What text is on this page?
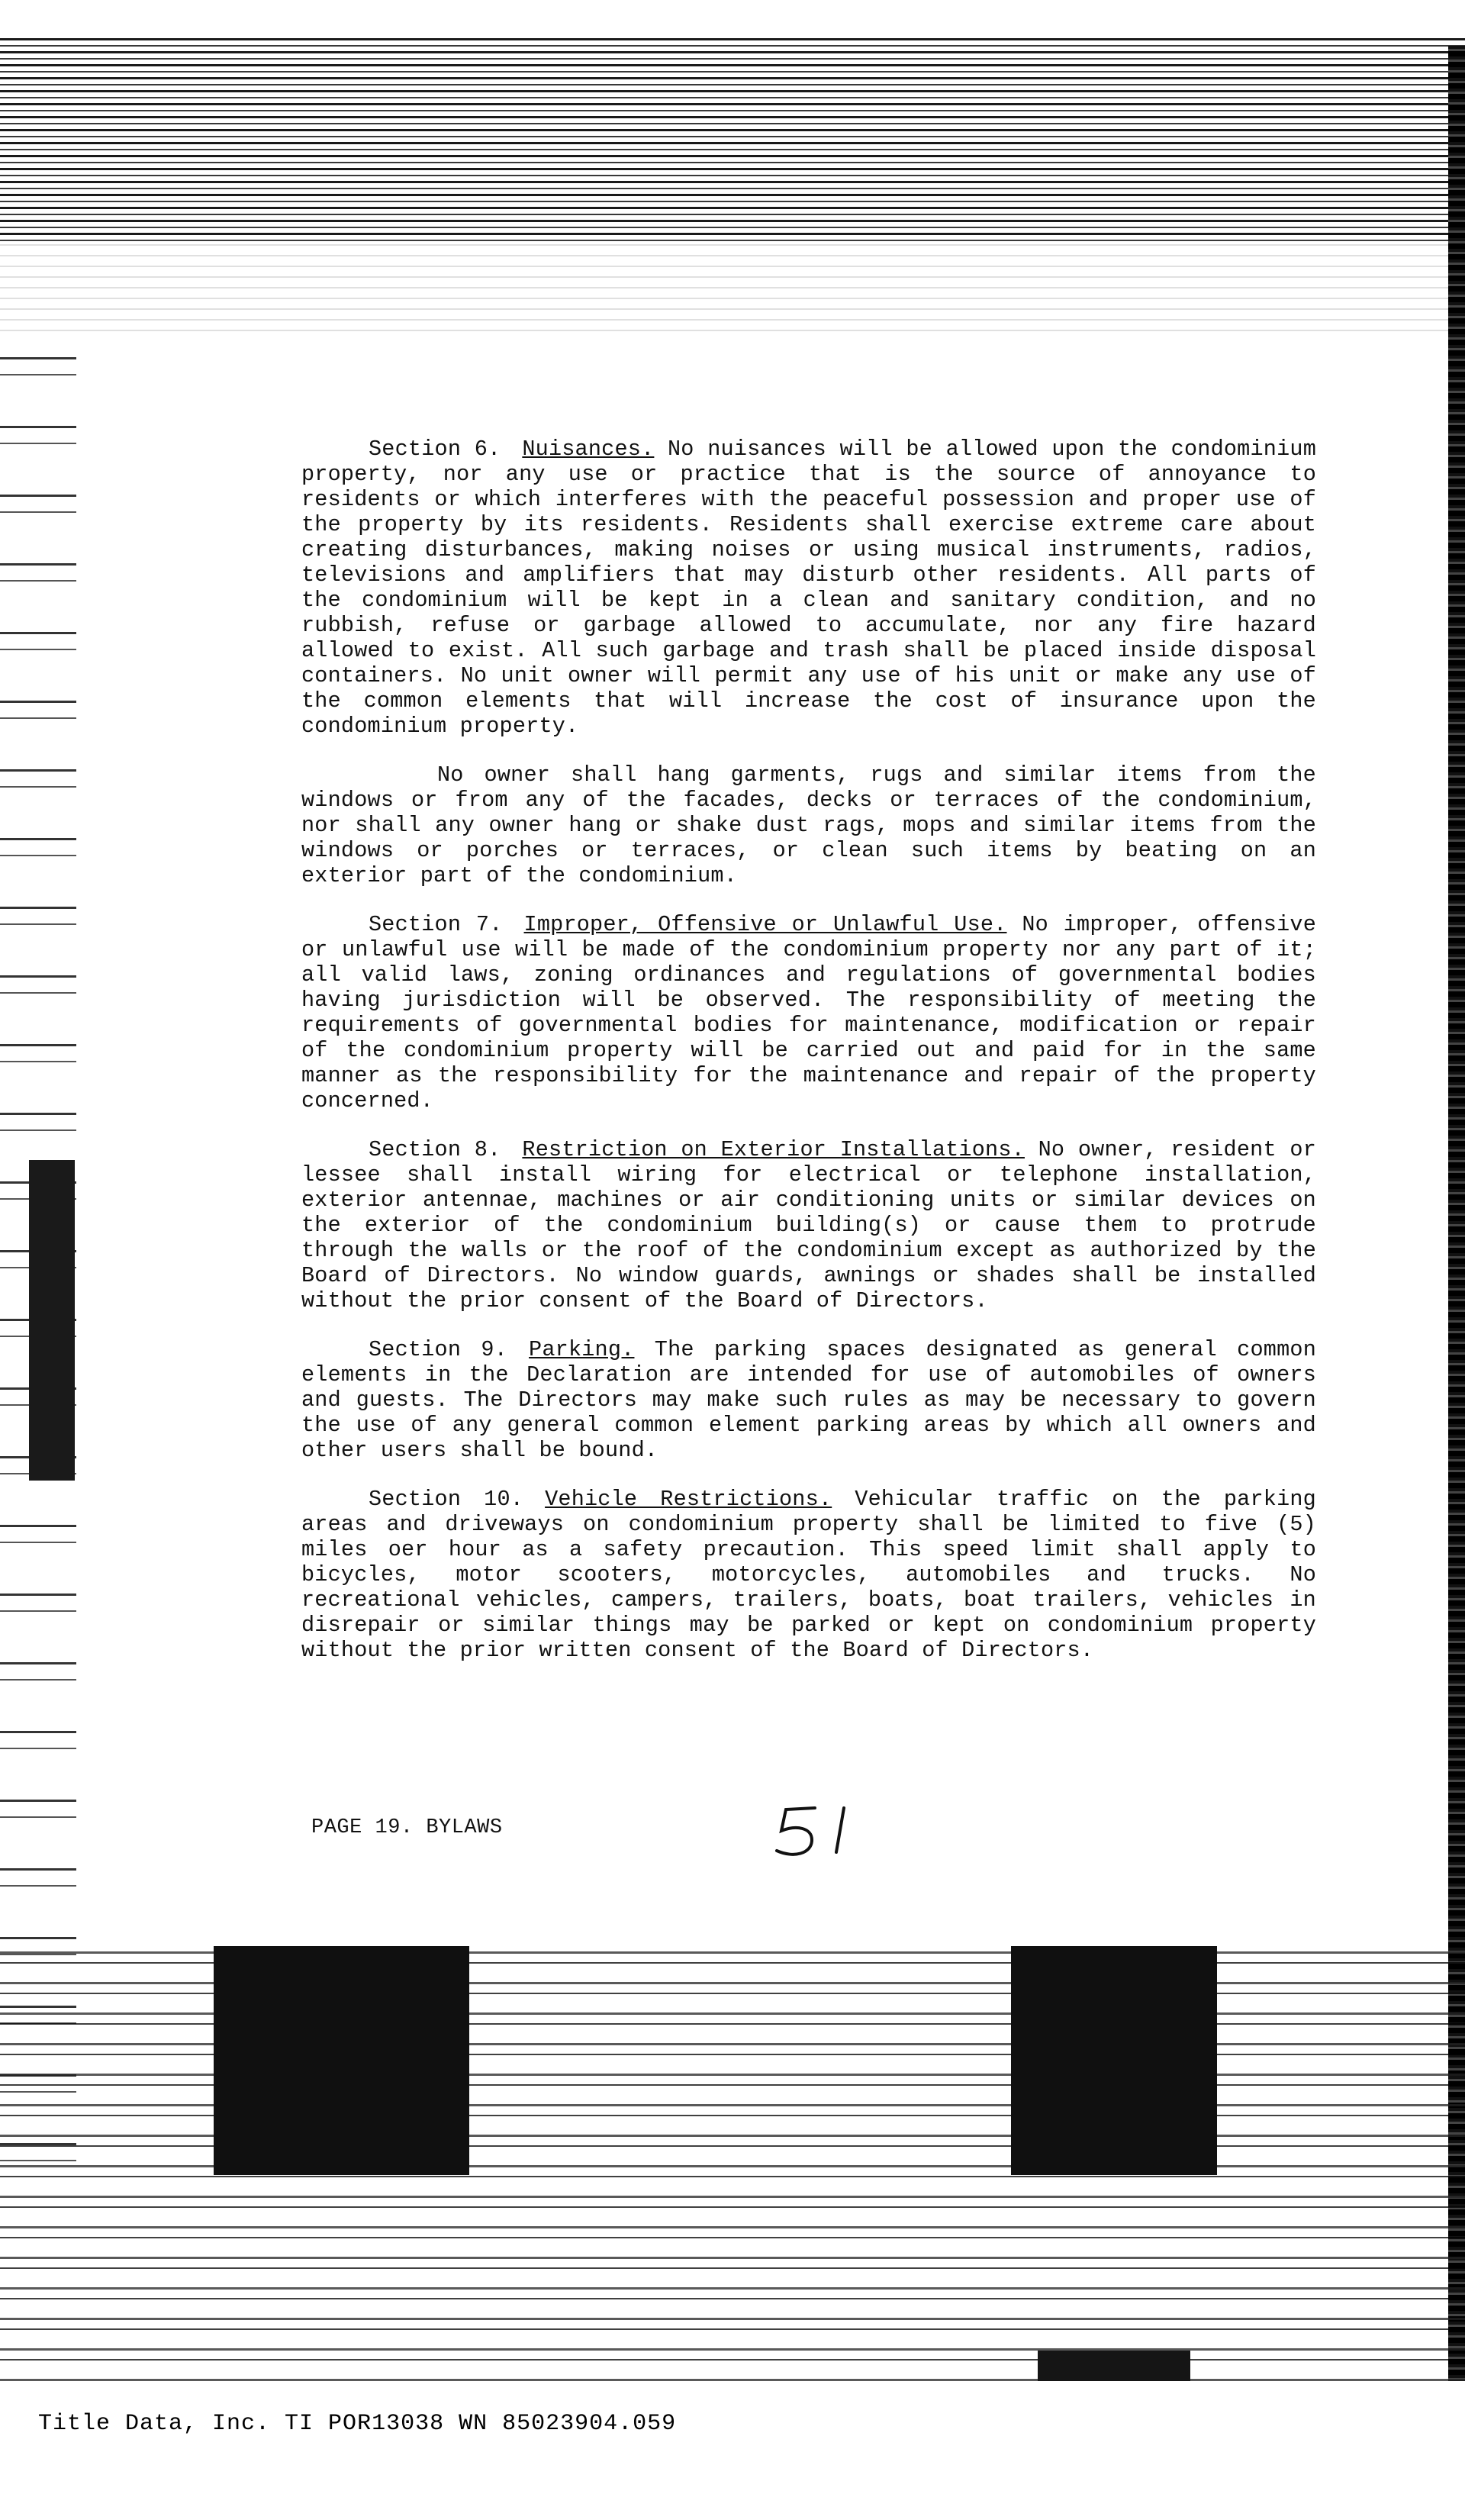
Section 6. Nuisances. No nuisances will be allowed upon the condominium property, nor any use or practice that is the source of annoyance to residents or which interferes with the peaceful possession and proper use of the property by its residents. Residents shall exercise extreme care about creating disturbances, making noises or using musical instruments, radios, televisions and amplifiers that may disturb other residents. All parts of the condominium will be kept in a clean and sanitary condition, and no rubbish, refuse or garbage allowed to accumulate, nor any fire hazard allowed to exist. All such garbage and trash shall be placed inside disposal containers. No unit owner will permit any use of his unit or make any use of the common elements that will increase the cost of insurance upon the condominium property.

No owner shall hang garments, rugs and similar items from the windows or from any of the facades, decks or terraces of the condominium, nor shall any owner hang or shake dust rags, mops and similar items from the windows or porches or terraces, or clean such items by beating on an exterior part of the condominium.

Section 7. Improper, Offensive or Unlawful Use. No improper, offensive or unlawful use will be made of the condominium property nor any part of it; all valid laws, zoning ordinances and regulations of governmental bodies having jurisdiction will be observed. The responsibility of meeting the requirements of governmental bodies for maintenance, modification or repair of the condominium property will be carried out and paid for in the same manner as the responsibility for the maintenance and repair of the property concerned.

Section 8. Restriction on Exterior Installations. No owner, resident or lessee shall install wiring for electrical or telephone installation, exterior antennae, machines or air conditioning units or similar devices on the exterior of the condominium building(s) or cause them to protrude through the walls or the roof of the condominium except as authorized by the Board of Directors. No window guards, awnings or shades shall be installed without the prior consent of the Board of Directors.

Section 9. Parking. The parking spaces designated as general common elements in the Declaration are intended for use of automobiles of owners and guests. The Directors may make such rules as may be necessary to govern the use of any general common element parking areas by which all owners and other users shall be bound.

Section 10. Vehicle Restrictions. Vehicular traffic on the parking areas and driveways on condominium property shall be limited to five (5) miles oer hour as a safety precaution. This speed limit shall apply to bicycles, motor scooters, motorcycles, automobiles and trucks. No recreational vehicles, campers, trailers, boats, boat trailers, vehicles in disrepair or similar things may be parked or kept on condominium property without the prior written consent of the Board of Directors.

PAGE 19. BYLAWS
Title Data, Inc. TI POR13038 WN 85023904.059
